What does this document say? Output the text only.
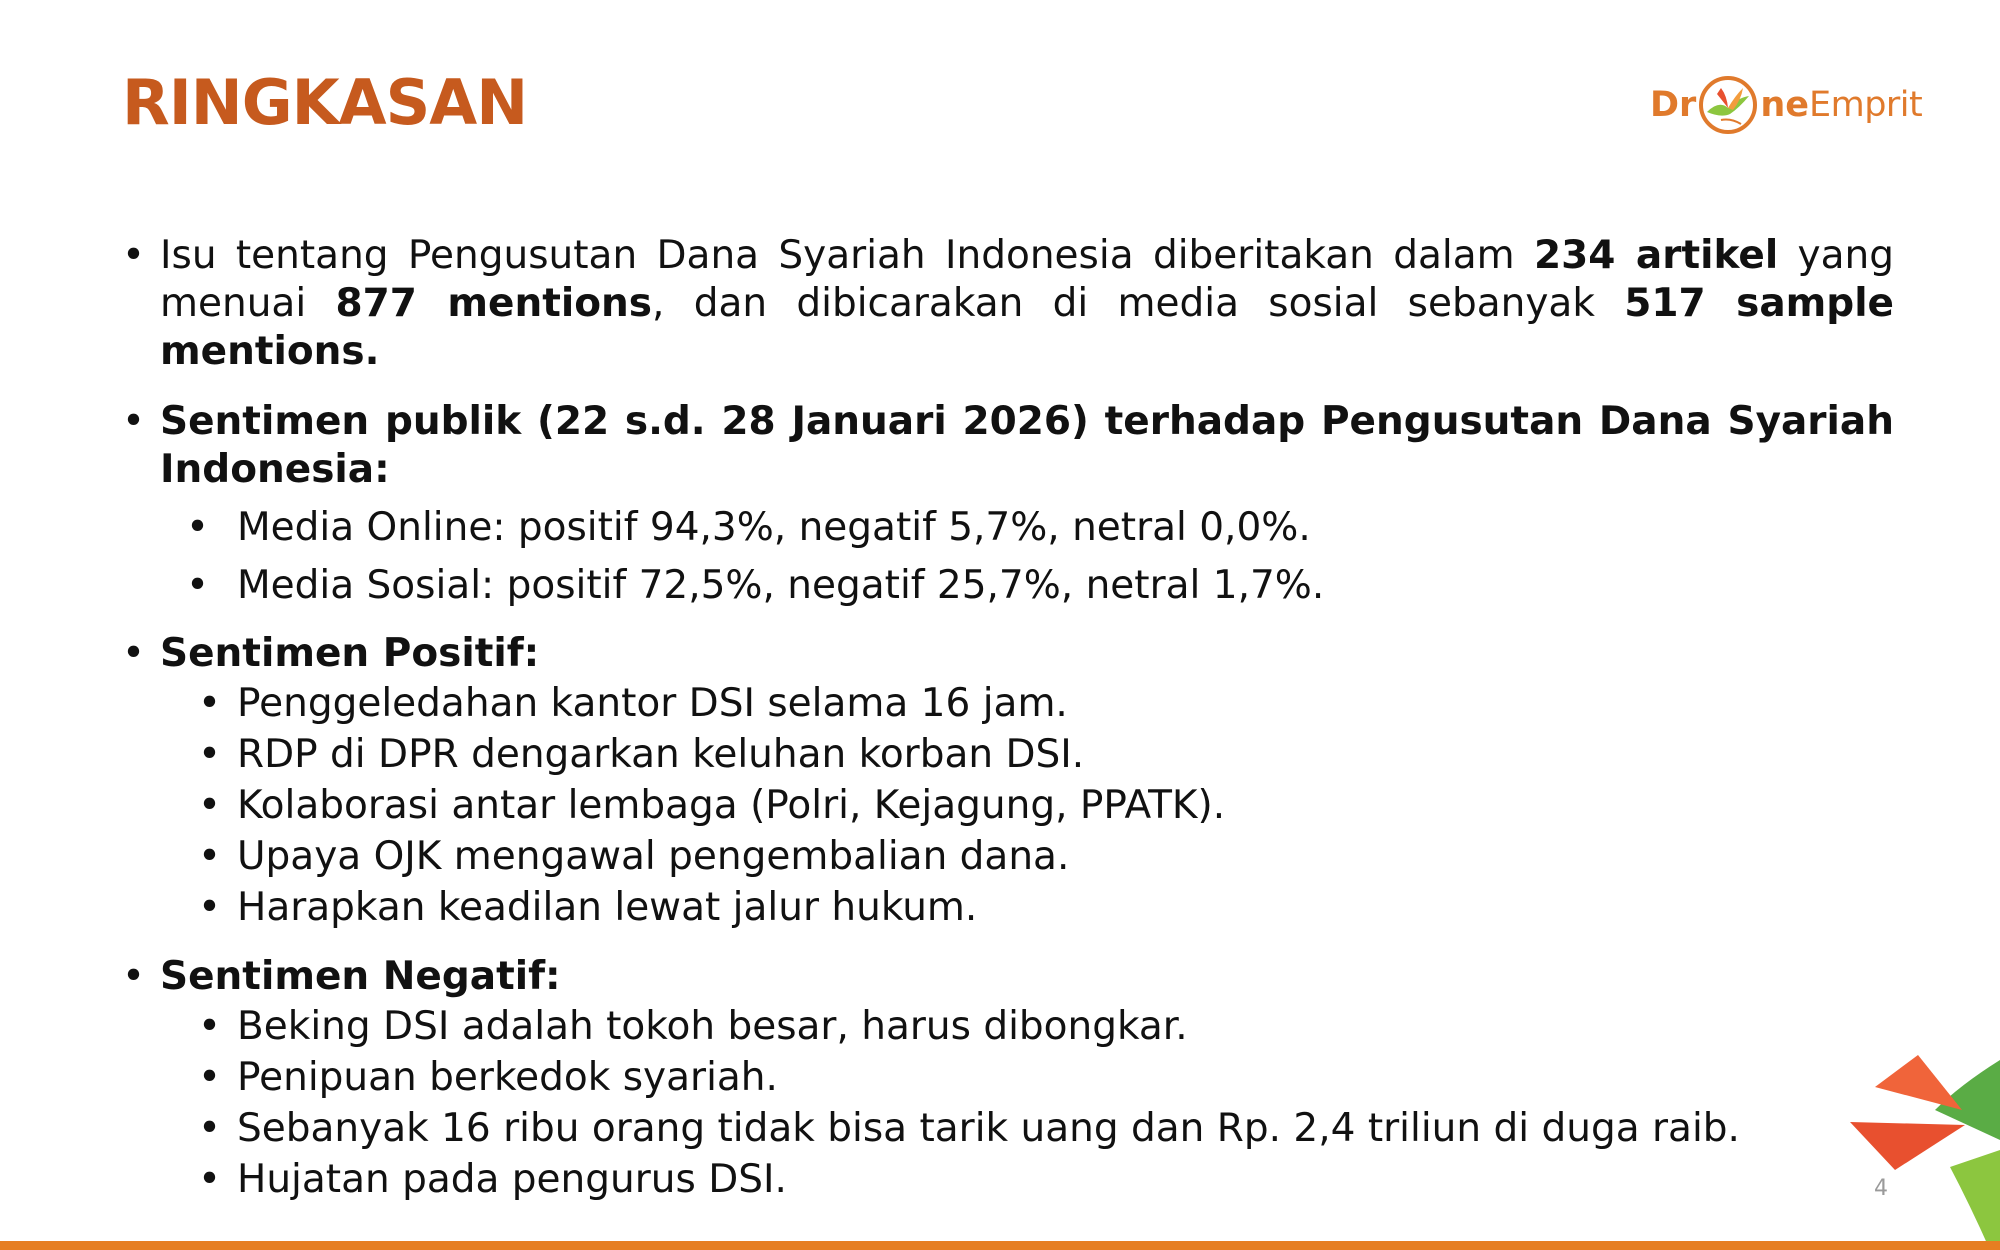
RINGKASAN	Dr ne Emprit
• Isu tentang Pengusutan Dana Syariah Indonesia diberitakan dalam 234 artikel yang menuai 877 mentions, dan dibicarakan di media sosial sebanyak 517 sample mentions.
• Sentimen publik (22 s.d. 28 Januari 2026) terhadap Pengusutan Dana Syariah Indonesia:
• Media Online: positif 94,3%, negatif 5,7%, netral 0,0%.
• Media Sosial: positif 72,5%, negatif 25,7%, netral 1,7%.
• Sentimen Positif:
• Penggeledahan kantor DSI selama 16 jam.
• RDP di DPR dengarkan keluhan korban DSI.
• Kolaborasi antar lembaga (Polri, Kejagung, PPATK).
• Upaya OJK mengawal pengembalian dana.
• Harapkan keadilan lewat jalur hukum.
• Sentimen Negatif:
• Beking DSI adalah tokoh besar, harus dibongkar.
• Penipuan berkedok syariah.
• Sebanyak 16 ribu orang tidak bisa tarik uang dan Rp. 2,4 triliun di duga raib.
• Hujatan pada pengurus DSI.	4
